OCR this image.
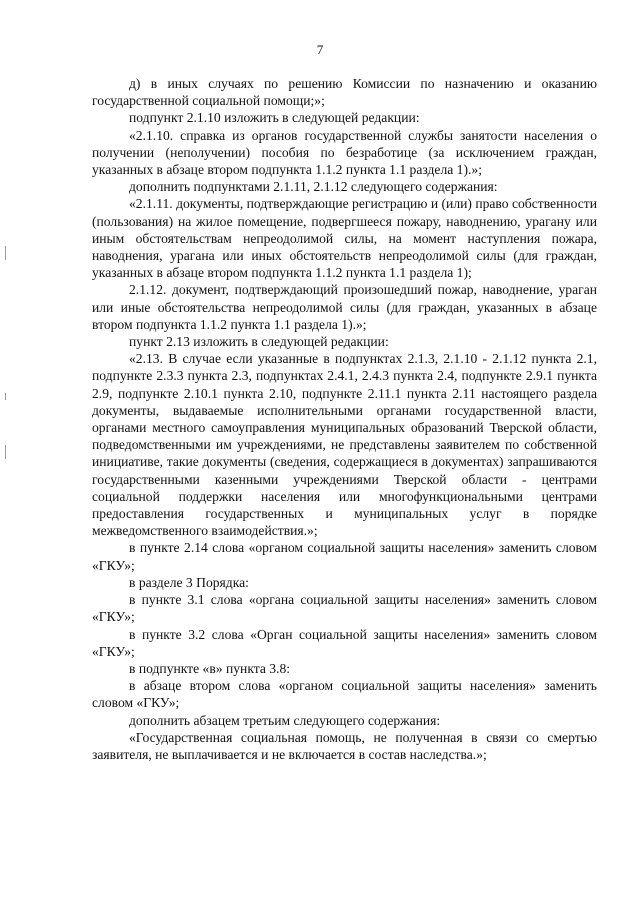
7

д) в иных случаях по решению Комиссии по назначению и оказанию государственной социальной помощи;»;

подпункт 2.1.10 изложить в следующей редакции:

«2.1.10. справка из органов государственной службы занятости населения о получении (неполучении) пособия по безработице (за исключением граждан, указанных в абзаце втором подпункта 1.1.2 пункта 1.1 раздела 1).»;

дополнить подпунктами 2.1.11, 2.1.12 следующего содержания:

«2.1.11. документы, подтверждающие регистрацию и (или) право собственности (пользования) на жилое помещение, подвергшееся пожару, наводнению, урагану или иным обстоятельствам непреодолимой силы, на момент наступления пожара, наводнения, урагана или иных обстоятельств непреодолимой силы (для граждан, указанных в абзаце втором подпункта 1.1.2 пункта 1.1 раздела 1);

2.1.12. документ, подтверждающий произошедший пожар, наводнение, ураган или иные обстоятельства непреодолимой силы (для граждан, указанных в абзаце втором подпункта 1.1.2 пункта 1.1 раздела 1).»;

пункт 2.13 изложить в следующей редакции:

«2.13. В случае если указанные в подпунктах 2.1.3, 2.1.10 - 2.1.12 пункта 2.1, подпункте 2.3.3 пункта 2.3, подпунктах 2.4.1, 2.4.3 пункта 2.4, подпункте 2.9.1 пункта 2.9, подпункте 2.10.1 пункта 2.10, подпункте 2.11.1 пункта 2.11 настоящего раздела документы, выдаваемые исполнительными органами государственной власти, органами местного самоуправления муниципальных образований Тверской области, подведомственными им учреждениями, не представлены заявителем по собственной инициативе, такие документы (сведения, содержащиеся в документах) запрашиваются государственными казенными учреждениями Тверской области - центрами социальной поддержки населения или многофункциональными центрами предоставления государственных и муниципальных услуг в порядке межведомственного взаимодействия.»;

в пункте 2.14 слова «органом социальной защиты населения» заменить словом «ГКУ»;

в разделе 3 Порядка:

в пункте 3.1 слова «органа социальной защиты населения» заменить словом «ГКУ»;

в пункте 3.2 слова «Орган социальной защиты населения» заменить словом «ГКУ»;

в подпункте «в» пункта 3.8:

в абзаце втором слова «органом социальной защиты населения» заменить словом «ГКУ»;

дополнить абзацем третьим следующего содержания:

«Государственная социальная помощь, не полученная в связи со смертью заявителя, не выплачивается и не включается в состав наследства.»;
